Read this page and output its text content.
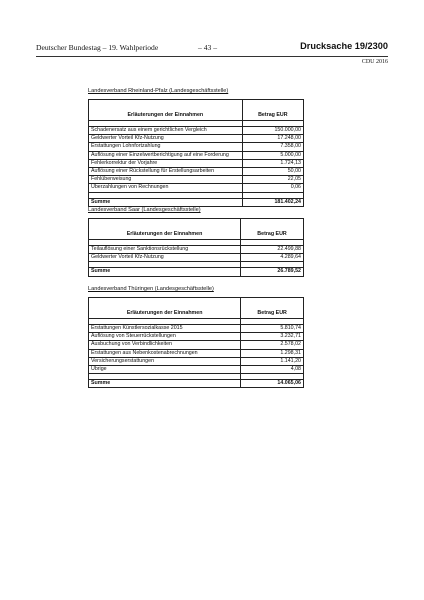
Deutscher Bundestag – 19. Wahlperiode	– 43 –	Drucksache 19/2300
CDU 2016
Landesverband Rheinland-Pfalz (Landesgeschäftsstelle)
Erläuterungen der Einnahmen	Betrag EUR

Schadenersatz aus einem gerichtlichen Vergleich	150.000,00
Geldwerter Vorteil Kfz-Nutzung	17.248,00
Erstattungen Lohnfortzahlung	7.358,00
Auflösung einer Einzelwertberichtigung auf eine Forderung	5.000,00
Fehlerkorrektur der Vorjahre	1.724,13
Auflösung einer Rückstellung für Erstellungsarbeiten	50,00
Fehlüberweisung	22,05
Überzahlungen von Rechnungen	0,06

Summe	181.402,24
Landesverband Saar (Landesgeschäftsstelle)
Erläuterungen der Einnahmen	Betrag EUR

Teilauflösung einer Sanktionsrückstellung	22.499,88
Geldwerter Vorteil Kfz-Nutzung	4.289,64

Summe	26.789,52
Landesverband Thüringen (Landesgeschäftsstelle)
Erläuterungen der Einnahmen	Betrag EUR

Erstattungen Künstlersozialkasse 2015	5.810,74
Auflösung von Steuerrückstellungen	3.232,71
Ausbuchung von Verbindlichkeiten	2.578,02
Erstattungen aus Nebenkostenabrechnungen	1.298,31
Versicherungserstattungen	1.141,20
Übrige	4,08

Summe	14.065,06
